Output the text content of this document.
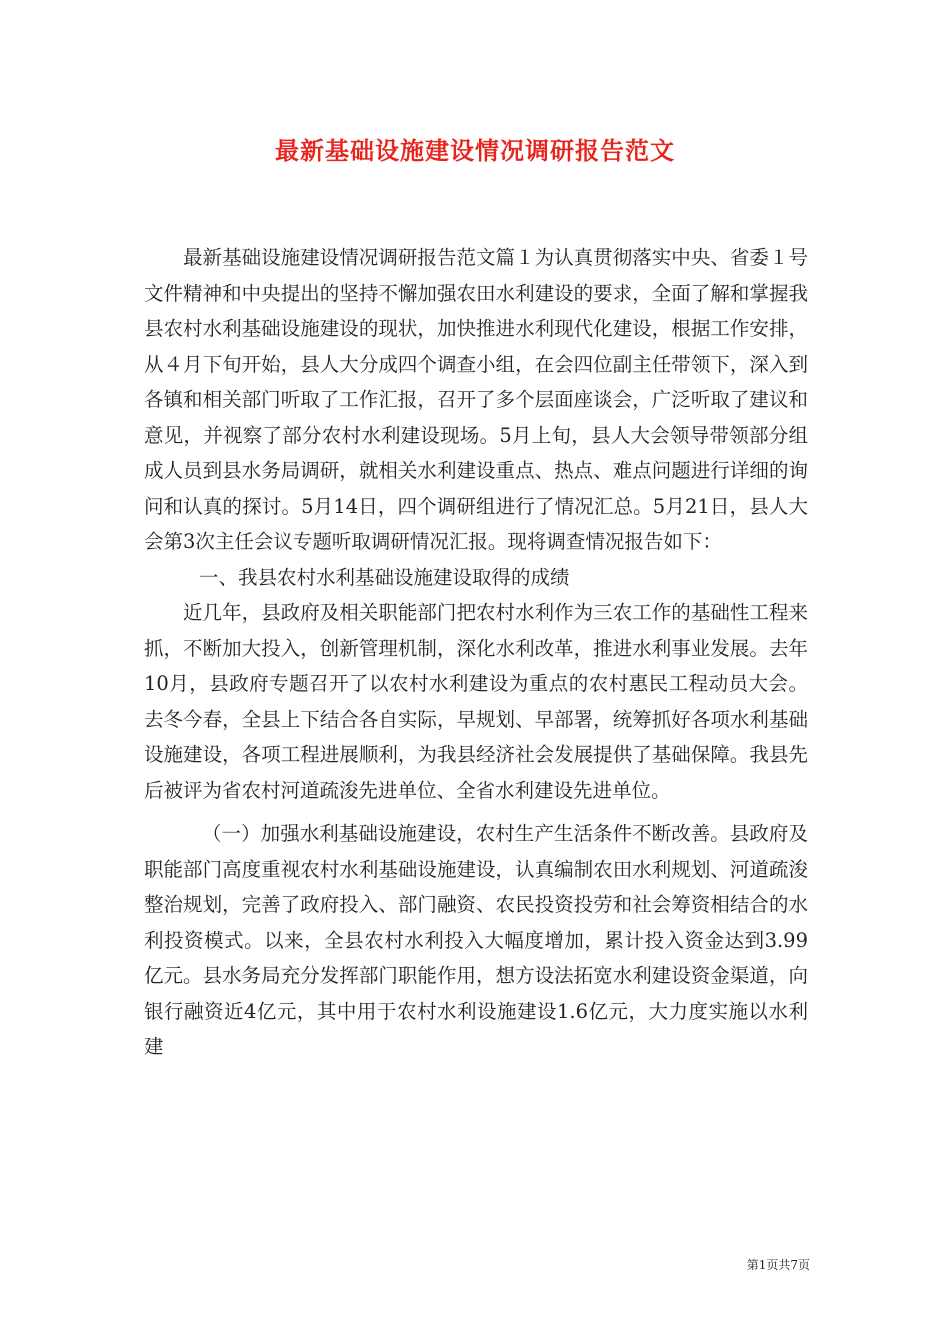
最新基础设施建设情况调研报告范文

最新基础设施建设情况调研报告范文篇１为认真贯彻落实中央、省委１号文件精神和中央提出的坚持不懈加强农田水利建设的要求，全面了解和掌握我县农村水利基础设施建设的现状，加快推进水利现代化建设，根据工作安排，从４月下旬开始，县人大分成四个调查小组，在会四位副主任带领下，深入到各镇和相关部门听取了工作汇报，召开了多个层面座谈会，广泛听取了建议和意见，并视察了部分农村水利建设现场。5月上旬，县人大会领导带领部分组成人员到县水务局调研，就相关水利建设重点、热点、难点问题进行详细的询问和认真的探讨。5月14日，四个调研组进行了情况汇总。5月21日，县人大会第3次主任会议专题听取调研情况汇报。现将调查情况报告如下：

一、我县农村水利基础设施建设取得的成绩

近几年，县政府及相关职能部门把农村水利作为三农工作的基础性工程来抓，不断加大投入，创新管理机制，深化水利改革，推进水利事业发展。去年10月，县政府专题召开了以农村水利建设为重点的农村惠民工程动员大会。去冬今春，全县上下结合各自实际，早规划、早部署，统筹抓好各项水利基础设施建设，各项工程进展顺利，为我县经济社会发展提供了基础保障。我县先后被评为省农村河道疏浚先进单位、全省水利建设先进单位。

（一）加强水利基础设施建设，农村生产生活条件不断改善。县政府及职能部门高度重视农村水利基础设施建设，认真编制农田水利规划、河道疏浚整治规划，完善了政府投入、部门融资、农民投资投劳和社会筹资相结合的水利投资模式。以来，全县农村水利投入大幅度增加，累计投入资金达到3.99亿元。县水务局充分发挥部门职能作用，想方设法拓宽水利建设资金渠道，向银行融资近4亿元，其中用于农村水利设施建设1.6亿元，大力度实施以水利建

第1页共7页
